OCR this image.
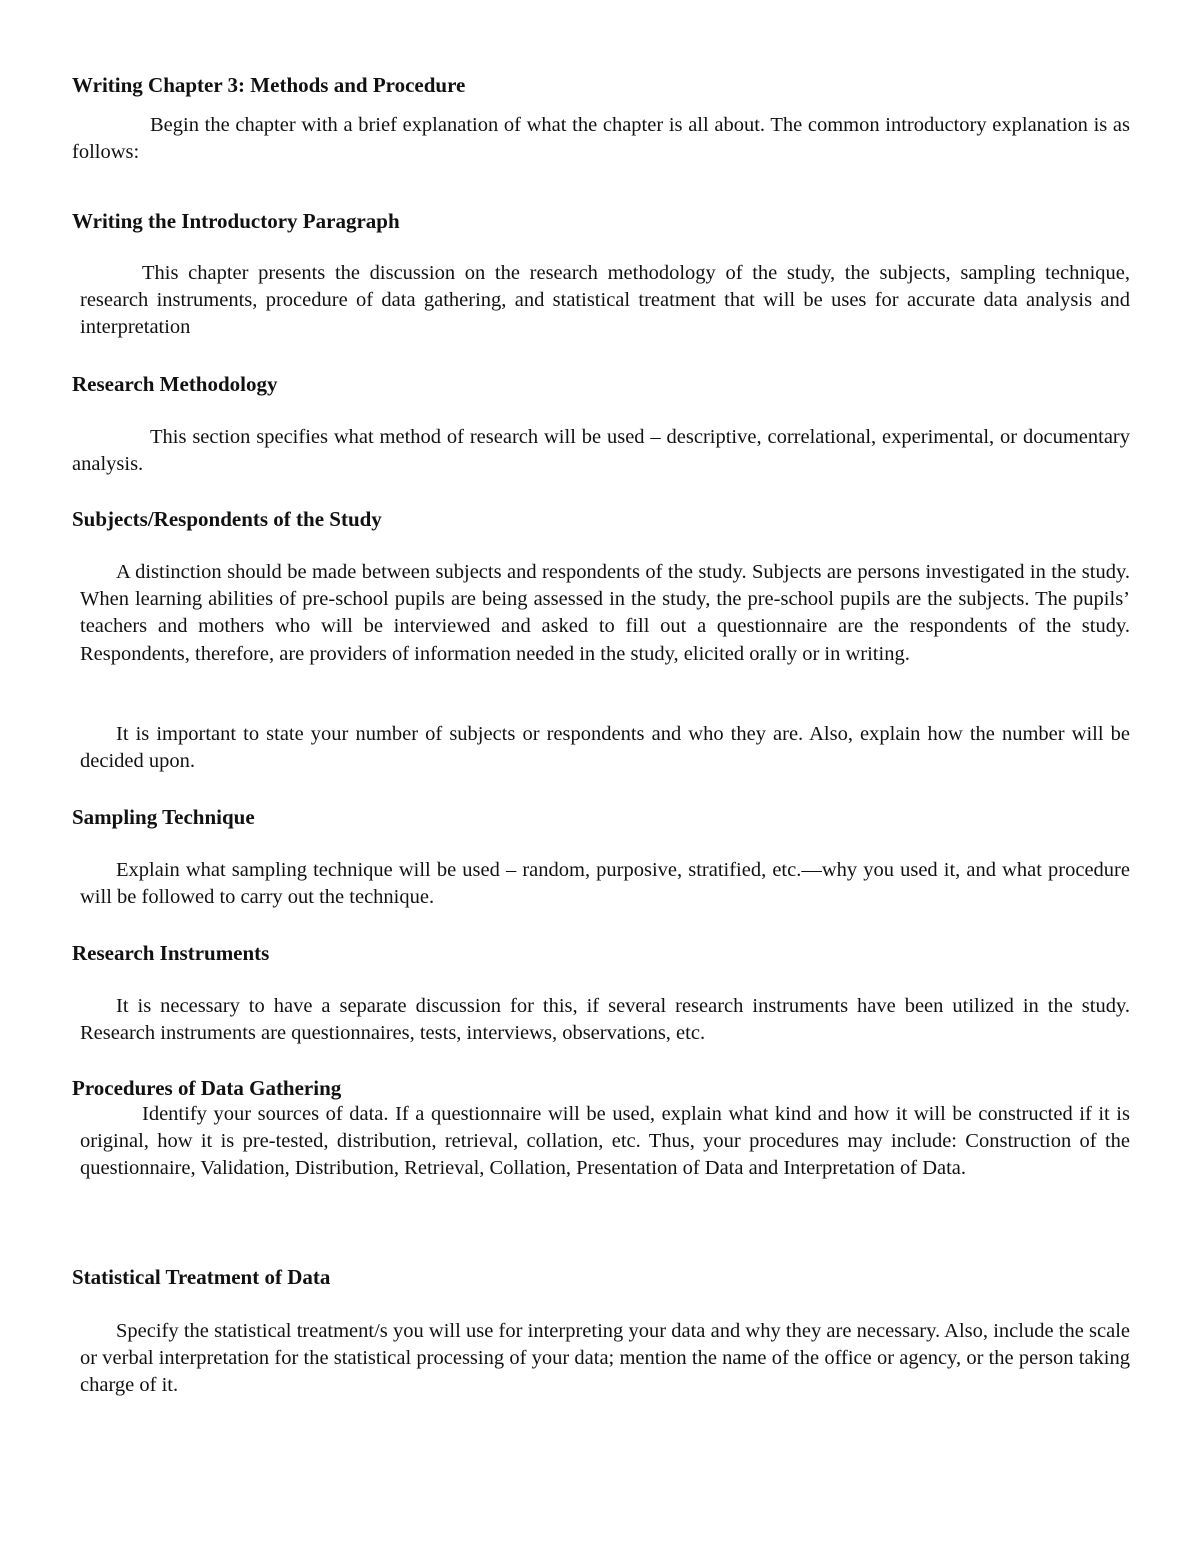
Writing Chapter 3: Methods and Procedure

Begin the chapter with a brief explanation of what the chapter is all about. The common introductory explanation is as follows:

Writing the Introductory Paragraph

This chapter presents the discussion on the research methodology of the study, the subjects, sampling technique, research instruments, procedure of data gathering, and statistical treatment that will be uses for accurate data analysis and interpretation

Research Methodology

This section specifies what method of research will be used – descriptive, correlational, experimental, or documentary analysis.

Subjects/Respondents of the Study

A distinction should be made between subjects and respondents of the study. Subjects are persons investigated in the study. When learning abilities of pre-school pupils are being assessed in the study, the pre-school pupils are the subjects. The pupils’ teachers and mothers who will be interviewed and asked to fill out a questionnaire are the respondents of the study. Respondents, therefore, are providers of information needed in the study, elicited orally or in writing.

It is important to state your number of subjects or respondents and who they are. Also, explain how the number will be decided upon.

Sampling Technique

Explain what sampling technique will be used – random, purposive, stratified, etc.—why you used it, and what procedure will be followed to carry out the technique.

Research Instruments

It is necessary to have a separate discussion for this, if several research instruments have been utilized in the study. Research instruments are questionnaires, tests, interviews, observations, etc.

Procedures of Data Gathering

Identify your sources of data. If a questionnaire will be used, explain what kind and how it will be constructed if it is original, how it is pre-tested, distribution, retrieval, collation, etc. Thus, your procedures may include: Construction of the questionnaire, Validation, Distribution, Retrieval, Collation, Presentation of Data and Interpretation of Data.

Statistical Treatment of Data

Specify the statistical treatment/s you will use for interpreting your data and why they are necessary. Also, include the scale or verbal interpretation for the statistical processing of your data; mention the name of the office or agency, or the person taking charge of it.
